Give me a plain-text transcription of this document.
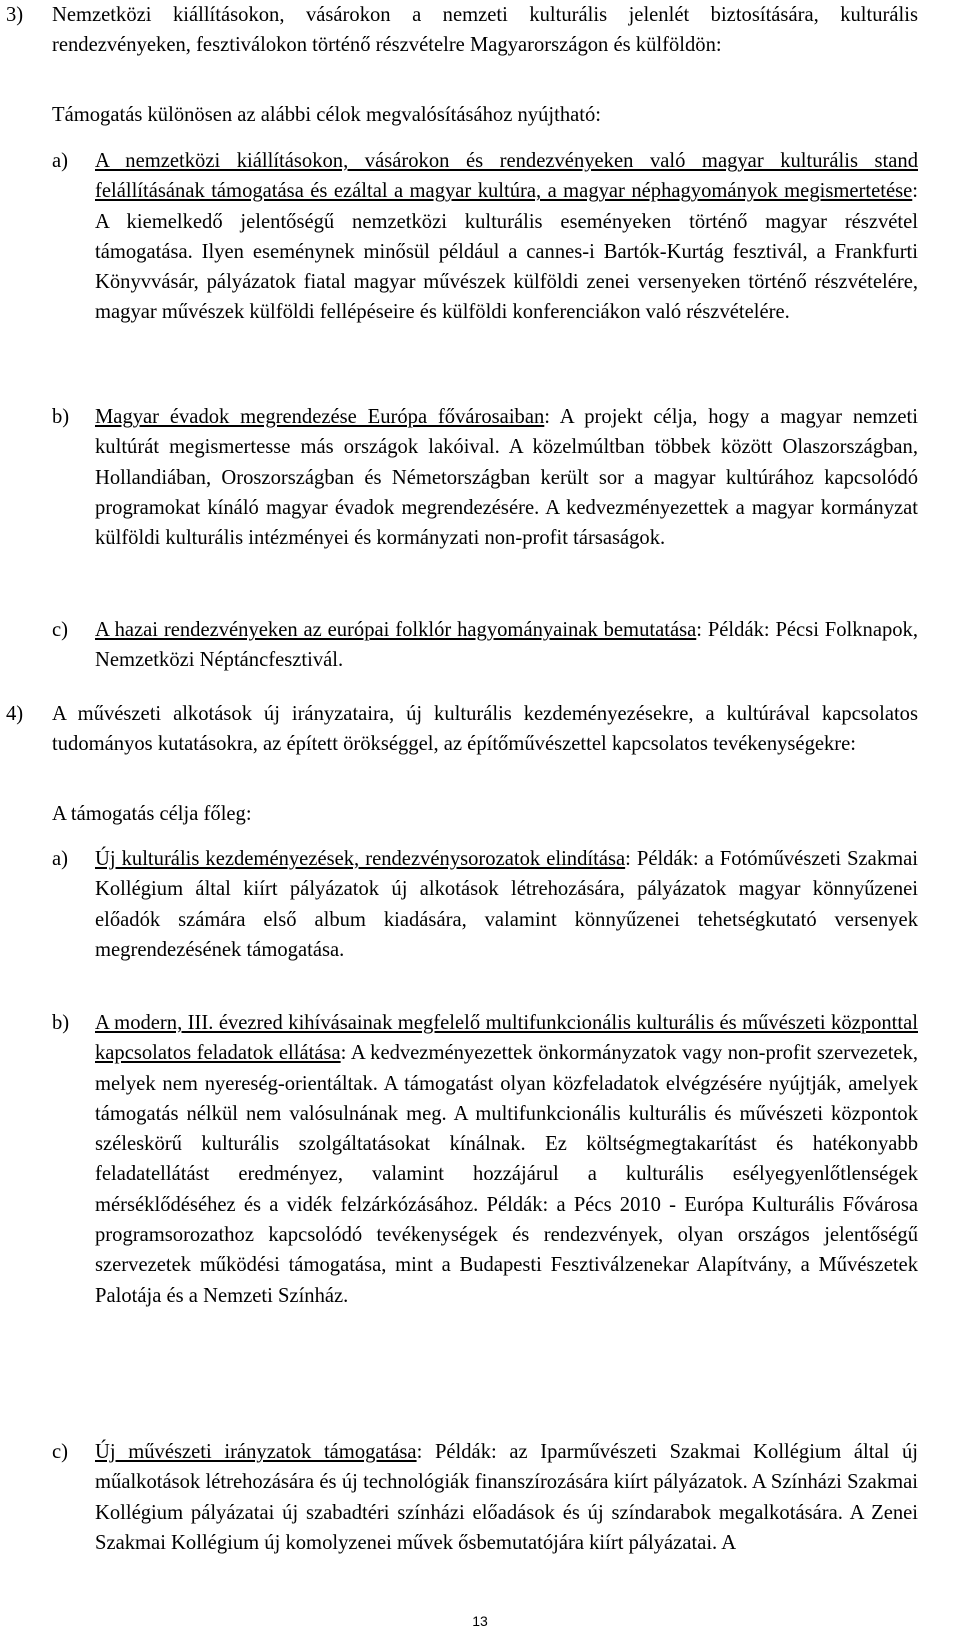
3) Nemzetközi kiállításokon, vásárokon a nemzeti kulturális jelenlét biztosítására, kulturális rendezvényeken, fesztiválokon történő részvételre Magyarországon és külföldön:

Támogatás különösen az alábbi célok megvalósításához nyújtható:

a) A nemzetközi kiállításokon, vásárokon és rendezvényeken való magyar kulturális stand felállításának támogatása és ezáltal a magyar kultúra, a magyar néphagyományok megismertetése: A kiemelkedő jelentőségű nemzetközi kulturális eseményeken történő magyar részvétel támogatása. Ilyen eseménynek minősül például a cannes-i Bartók-Kurtág fesztivál, a Frankfurti Könyvvásár, pályázatok fiatal magyar művészek külföldi zenei versenyeken történő részvételére, magyar művészek külföldi fellépéseire és külföldi konferenciákon való részvételére.

b) Magyar évadok megrendezése Európa fővárosaiban: A projekt célja, hogy a magyar nemzeti kultúrát megismertesse más országok lakóival. A közelmúltban többek között Olaszországban, Hollandiában, Oroszországban és Németországban került sor a magyar kultúrához kapcsolódó programokat kínáló magyar évadok megrendezésére. A kedvezményezettek a magyar kormányzat külföldi kulturális intézményei és kormányzati non-profit társaságok.

c) A hazai rendezvényeken az európai folklór hagyományainak bemutatása: Példák: Pécsi Folknapok, Nemzetközi Néptáncfesztivál.

4) A művészeti alkotások új irányzataira, új kulturális kezdeményezésekre, a kultúrával kapcsolatos tudományos kutatásokra, az épített örökséggel, az építőművészettel kapcsolatos tevékenységekre:

A támogatás célja főleg:

a) Új kulturális kezdeményezések, rendezvénysorozatok elindítása: Példák: a Fotóművészeti Szakmai Kollégium által kiírt pályázatok új alkotások létrehozására, pályázatok magyar könnyűzenei előadók számára első album kiadására, valamint könnyűzenei tehetségkutató versenyek megrendezésének támogatása.

b) A modern, III. évezred kihívásainak megfelelő multifunkcionális kulturális és művészeti központtal kapcsolatos feladatok ellátása: A kedvezményezettek önkormányzatok vagy non-profit szervezetek, melyek nem nyereség-orientáltak. A támogatást olyan közfeladatok elvégzésére nyújtják, amelyek támogatás nélkül nem valósulnának meg. A multifunkcionális kulturális és művészeti központok széleskörű kulturális szolgáltatásokat kínálnak. Ez költségmegtakarítást és hatékonyabb feladatellátást eredményez, valamint hozzájárul a kulturális esélyegyenlőtlenségek mérséklődéséhez és a vidék felzárkózásához. Példák: a Pécs 2010 - Európa Kulturális Fővárosa programsorozathoz kapcsolódó tevékenységek és rendezvények, olyan országos jelentőségű szervezetek működési támogatása, mint a Budapesti Fesztiválzenekar Alapítvány, a Művészetek Palotája és a Nemzeti Színház.

c) Új művészeti irányzatok támogatása: Példák: az Iparművészeti Szakmai Kollégium által új műalkotások létrehozására és új technológiák finanszírozására kiírt pályázatok. A Színházi Szakmai Kollégium pályázatai új szabadtéri színházi előadások és új színdarabok megalkotására. A Zenei Szakmai Kollégium új komolyzenei művek ősbemutatójára kiírt pályázatai. A

13
